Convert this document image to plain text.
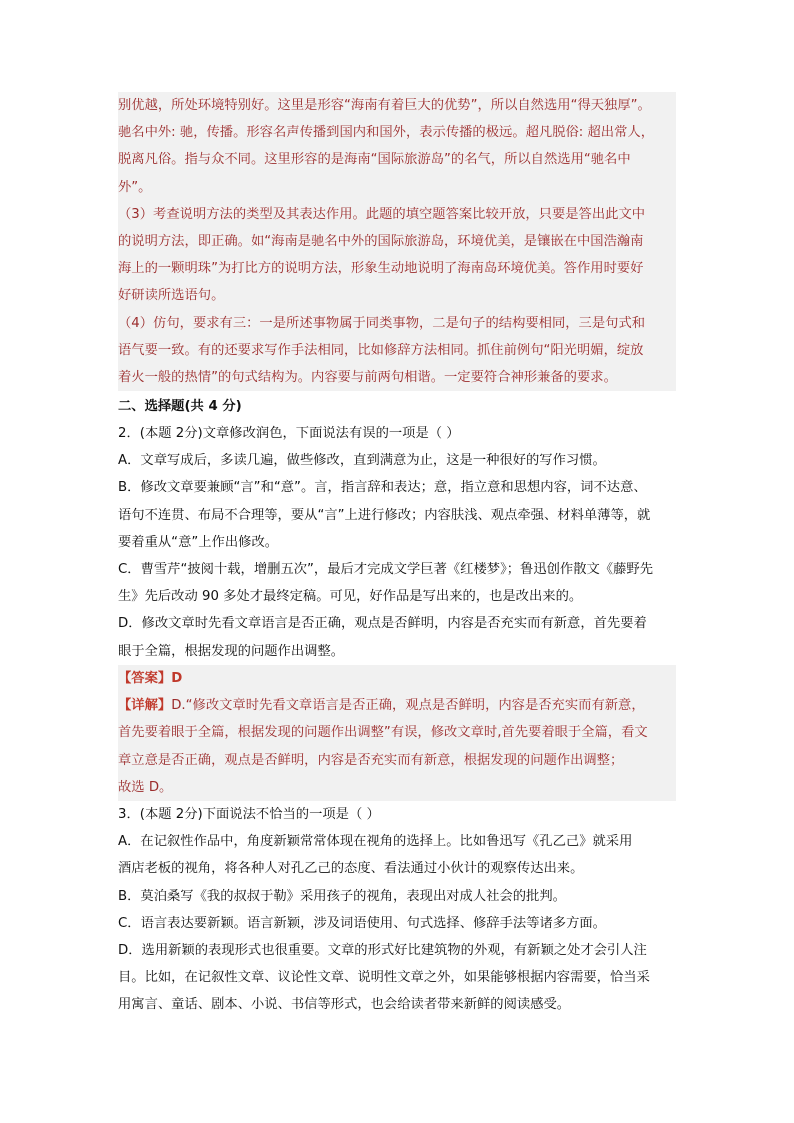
别优越，所处环境特别好。这里是形容“海南有着巨大的优势”，所以自然选用“得天独厚”。
驰名中外: 驰，传播。形容名声传播到国内和国外，表示传播的极远。超凡脱俗: 超出常人，
脱离凡俗。指与众不同。这里形容的是海南“国际旅游岛”的名气，所以自然选用“驰名中
外”。
（3）考查说明方法的类型及其表达作用。此题的填空题答案比较开放，只要是答出此文中
的说明方法，即正确。如“海南是驰名中外的国际旅游岛，环境优美，是镶嵌在中国浩瀚南
海上的一颗明珠”为打比方的说明方法，形象生动地说明了海南岛环境优美。答作用时要好
好研读所选语句。
（4）仿句，要求有三：一是所述事物属于同类事物，二是句子的结构要相同，三是句式和
语气要一致。有的还要求写作手法相同，比如修辞方法相同。抓住前例句“阳光明媚，绽放
着火一般的热情”的句式结构为。内容要与前两句相谐。一定要符合神形兼备的要求。
二、选择题(共 4 分)
2．(本题 2分)文章修改润色，下面说法有误的一项是（ ）
A．文章写成后，多读几遍，做些修改，直到满意为止，这是一种很好的写作习惯。
B．修改文章要兼顾“言”和“意”。言，指言辞和表达；意，指立意和思想内容，词不达意、
语句不连贯、布局不合理等，要从“言”上进行修改；内容肤浅、观点牵强、材料单薄等，就
要着重从“意”上作出修改。
C．曹雪芹“披阅十载，增删五次”，最后才完成文学巨著《红楼梦》；鲁迅创作散文《藤野先
生》先后改动 90 多处才最终定稿。可见，好作品是写出来的，也是改出来的。
D．修改文章时先看文章语言是否正确，观点是否鲜明，内容是否充实而有新意，首先要着
眼于全篇，根据发现的问题作出调整。
【答案】D
【详解】D.“修改文章时先看文章语言是否正确，观点是否鲜明，内容是否充实而有新意，
首先要着眼于全篇，根据发现的问题作出调整”有误，修改文章时,首先要着眼于全篇，看文
章立意是否正确，观点是否鲜明，内容是否充实而有新意，根据发现的问题作出调整；
故选 D。
3．(本题 2分)下面说法不恰当的一项是（ ）
A．在记叙性作品中，角度新颖常常体现在视角的选择上。比如鲁迅写《孔乙己》就采用
酒店老板的视角，将各种人对孔乙己的态度、看法通过小伙计的观察传达出来。
B．莫泊桑写《我的叔叔于勒》采用孩子的视角，表现出对成人社会的批判。
C．语言表达要新颖。语言新颖，涉及词语使用、句式选择、修辞手法等诸多方面。
D．选用新颖的表现形式也很重要。文章的形式好比建筑物的外观，有新颖之处才会引人注
目。比如，在记叙性文章、议论性文章、说明性文章之外，如果能够根据内容需要，恰当采
用寓言、童话、剧本、小说、书信等形式，也会给读者带来新鲜的阅读感受。
